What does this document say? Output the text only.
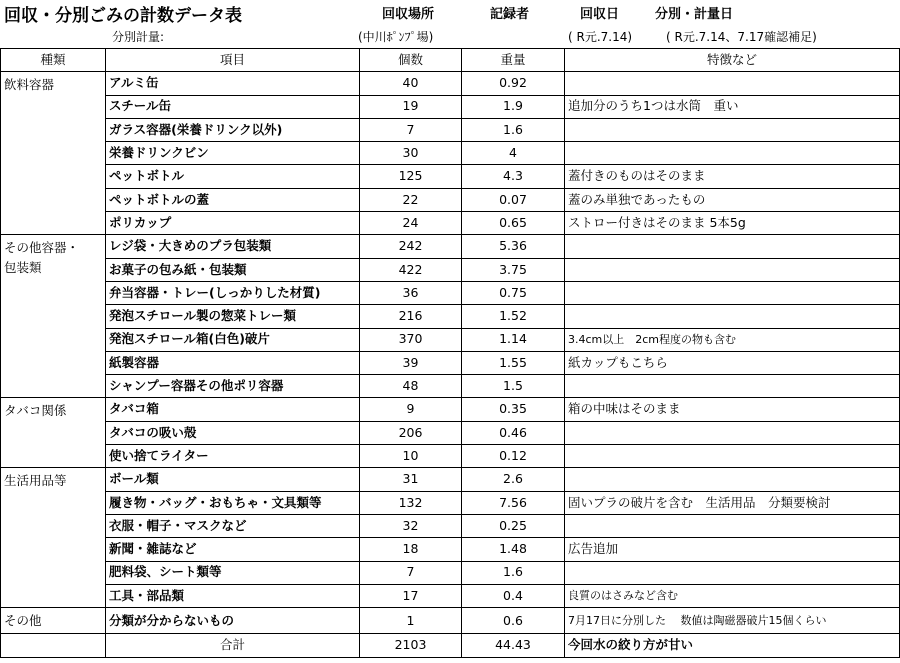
回収・分別ごみの計数データ表	回収場所	記録者	回収日	分別・計量日
分別計量:	(中川ﾎﾟﾝﾌﾟ場)	( R元.7.14)	( R元.7.14、7.17確認補足)
種類	項目	個数	重量	特徴など
飲料容器	アルミ缶	40	0.92	
	スチール缶	19	1.9	追加分のうち1つは水筒　重い
	ガラス容器(栄養ドリンク以外)	7	1.6	
	栄養ドリンクビン	30	4	
	ペットボトル	125	4.3	蓋付きのものはそのまま
	ペットボトルの蓋	22	0.07	蓋のみ単独であったもの
	ポリカップ	24	0.65	ストロー付きはそのまま 5本5g
その他容器・
包装類	レジ袋・大きめのプラ包装類	242	5.36	
	お菓子の包み紙・包装類	422	3.75	
	弁当容器・トレー(しっかりした材質)	36	0.75	
	発泡スチロール製の惣菜トレー類	216	1.52	
	発泡スチロール箱(白色)破片	370	1.14	3.4cm以上　2cm程度の物も含む
	紙製容器	39	1.55	紙カップもこちら
	シャンプー容器その他ポリ容器	48	1.5	
タバコ関係	タバコ箱	9	0.35	箱の中味はそのまま
	タバコの吸い殻	206	0.46	
	使い捨てライター	10	0.12	
生活用品等	ボール類	31	2.6	
	履き物・バッグ・おもちゃ・文具類等	132	7.56	固いプラの破片を含む　生活用品　分類要検討
	衣服・帽子・マスクなど	32	0.25	
	新聞・雑誌など	18	1.48	広告追加
	肥料袋、シート類等	7	1.6	
	工具・部品類	17	0.4	良質のはさみなど含む
その他	分類が分からないもの	1	0.6	7月17日に分別した　 数値は陶磁器破片15個くらい
	合計	2103	44.43	今回水の絞り方が甘い
